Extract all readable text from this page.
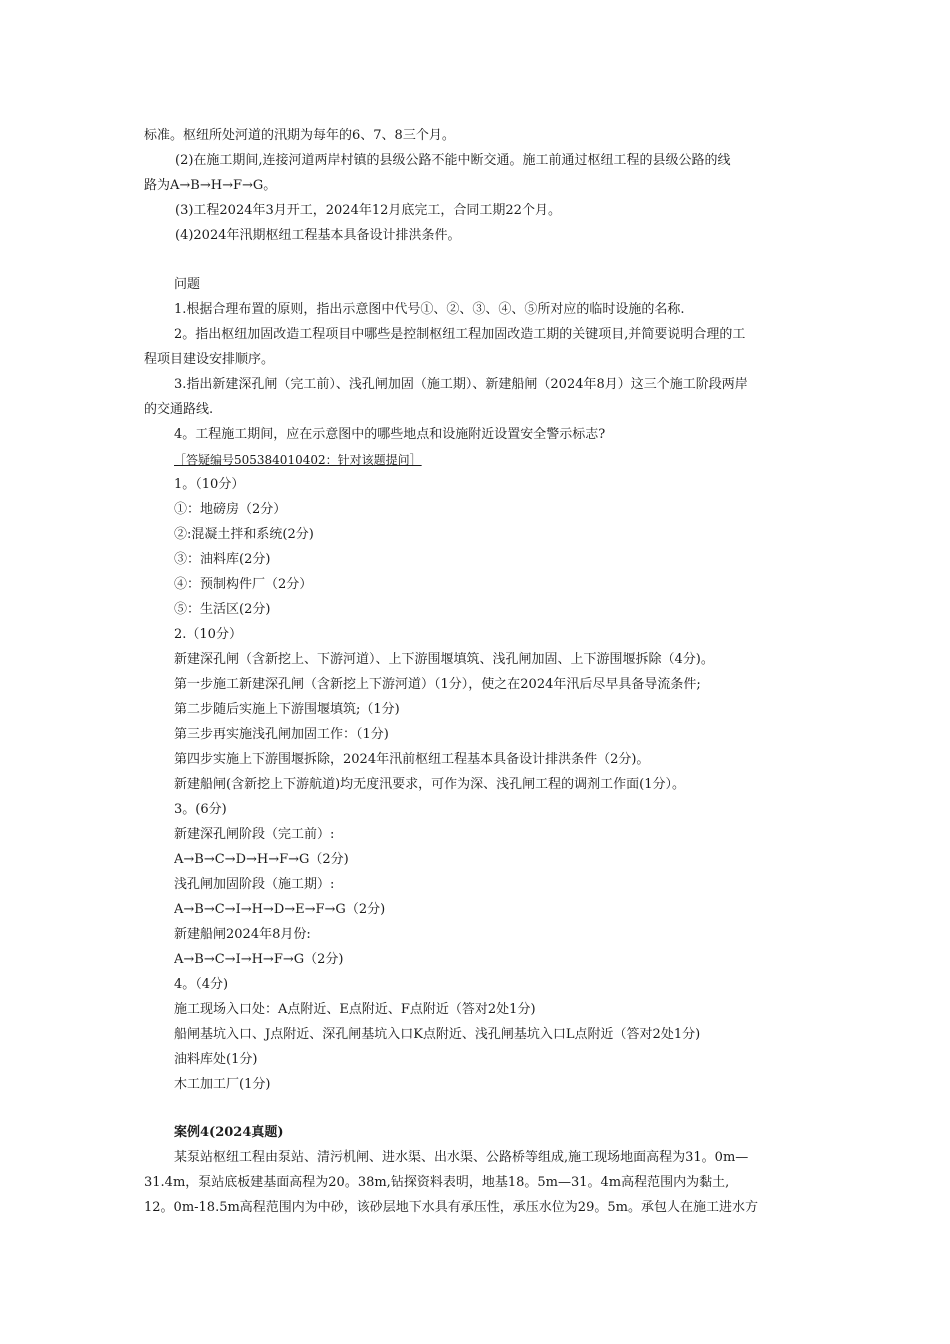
标准。枢纽所处河道的汛期为每年的6、7、8三个月。
(2)在施工期间,连接河道两岸村镇的县级公路不能中断交通。施工前通过枢纽工程的县级公路的线
路为A→B→H→F→G。
(3)工程2024年3月开工，2024年12月底完工，合同工期22个月。
(4)2024年汛期枢纽工程基本具备设计排洪条件。
问题
1.根据合理布置的原则，指出示意图中代号①、②、③、④、⑤所对应的临时设施的名称.
2。指出枢纽加固改造工程项目中哪些是控制枢纽工程加固改造工期的关键项目,并简要说明合理的工
程项目建设安排顺序。
3.指出新建深孔闸（完工前）、浅孔闸加固（施工期）、新建船闸（2024年8月）这三个施工阶段两岸
的交通路线.
4。工程施工期间，应在示意图中的哪些地点和设施附近设置安全警示标志?
［答疑编号505384010402：针对该题提问］
1。（10分）
①：地磅房（2分）
②:混凝土拌和系统(2分)
③：油料库(2分)
④：预制构件厂（2分）
⑤：生活区(2分)
2.（10分）
新建深孔闸（含新挖上、下游河道）、上下游围堰填筑、浅孔闸加固、上下游围堰拆除（4分)。
第一步施工新建深孔闸（含新挖上下游河道）（1分），使之在2024年汛后尽早具备导流条件;
第二步随后实施上下游围堰填筑;（1分)
第三步再实施浅孔闸加固工作：（1分)
第四步实施上下游围堰拆除，2024年汛前枢纽工程基本具备设计排洪条件（2分)。
新建船闸(含新挖上下游航道)均无度汛要求，可作为深、浅孔闸工程的调剂工作面(1分）。
3。(6分)
新建深孔闸阶段（完工前）:
A→B→C→D→H→F→G（2分)
浅孔闸加固阶段（施工期）:
A→B→C→I→H→D→E→F→G（2分)
新建船闸2024年8月份:
A→B→C→I→H→F→G（2分)
4。（4分)
施工现场入口处：A点附近、E点附近、F点附近（答对2处1分)
船闸基坑入口、J点附近、深孔闸基坑入口K点附近、浅孔闸基坑入口L点附近（答对2处1分)
油料库处(1分)
木工加工厂(1分)
案例4(2024真题)
某泵站枢纽工程由泵站、清污机闸、进水渠、出水渠、公路桥等组成,施工现场地面高程为31。0m—
31.4m，泵站底板建基面高程为20。38m,钻探资料表明，地基18。5m—31。4m高程范围内为黏土,
12。0m-18.5m高程范围内为中砂，该砂层地下水具有承压性，承压水位为29。5m。承包人在施工进水方
